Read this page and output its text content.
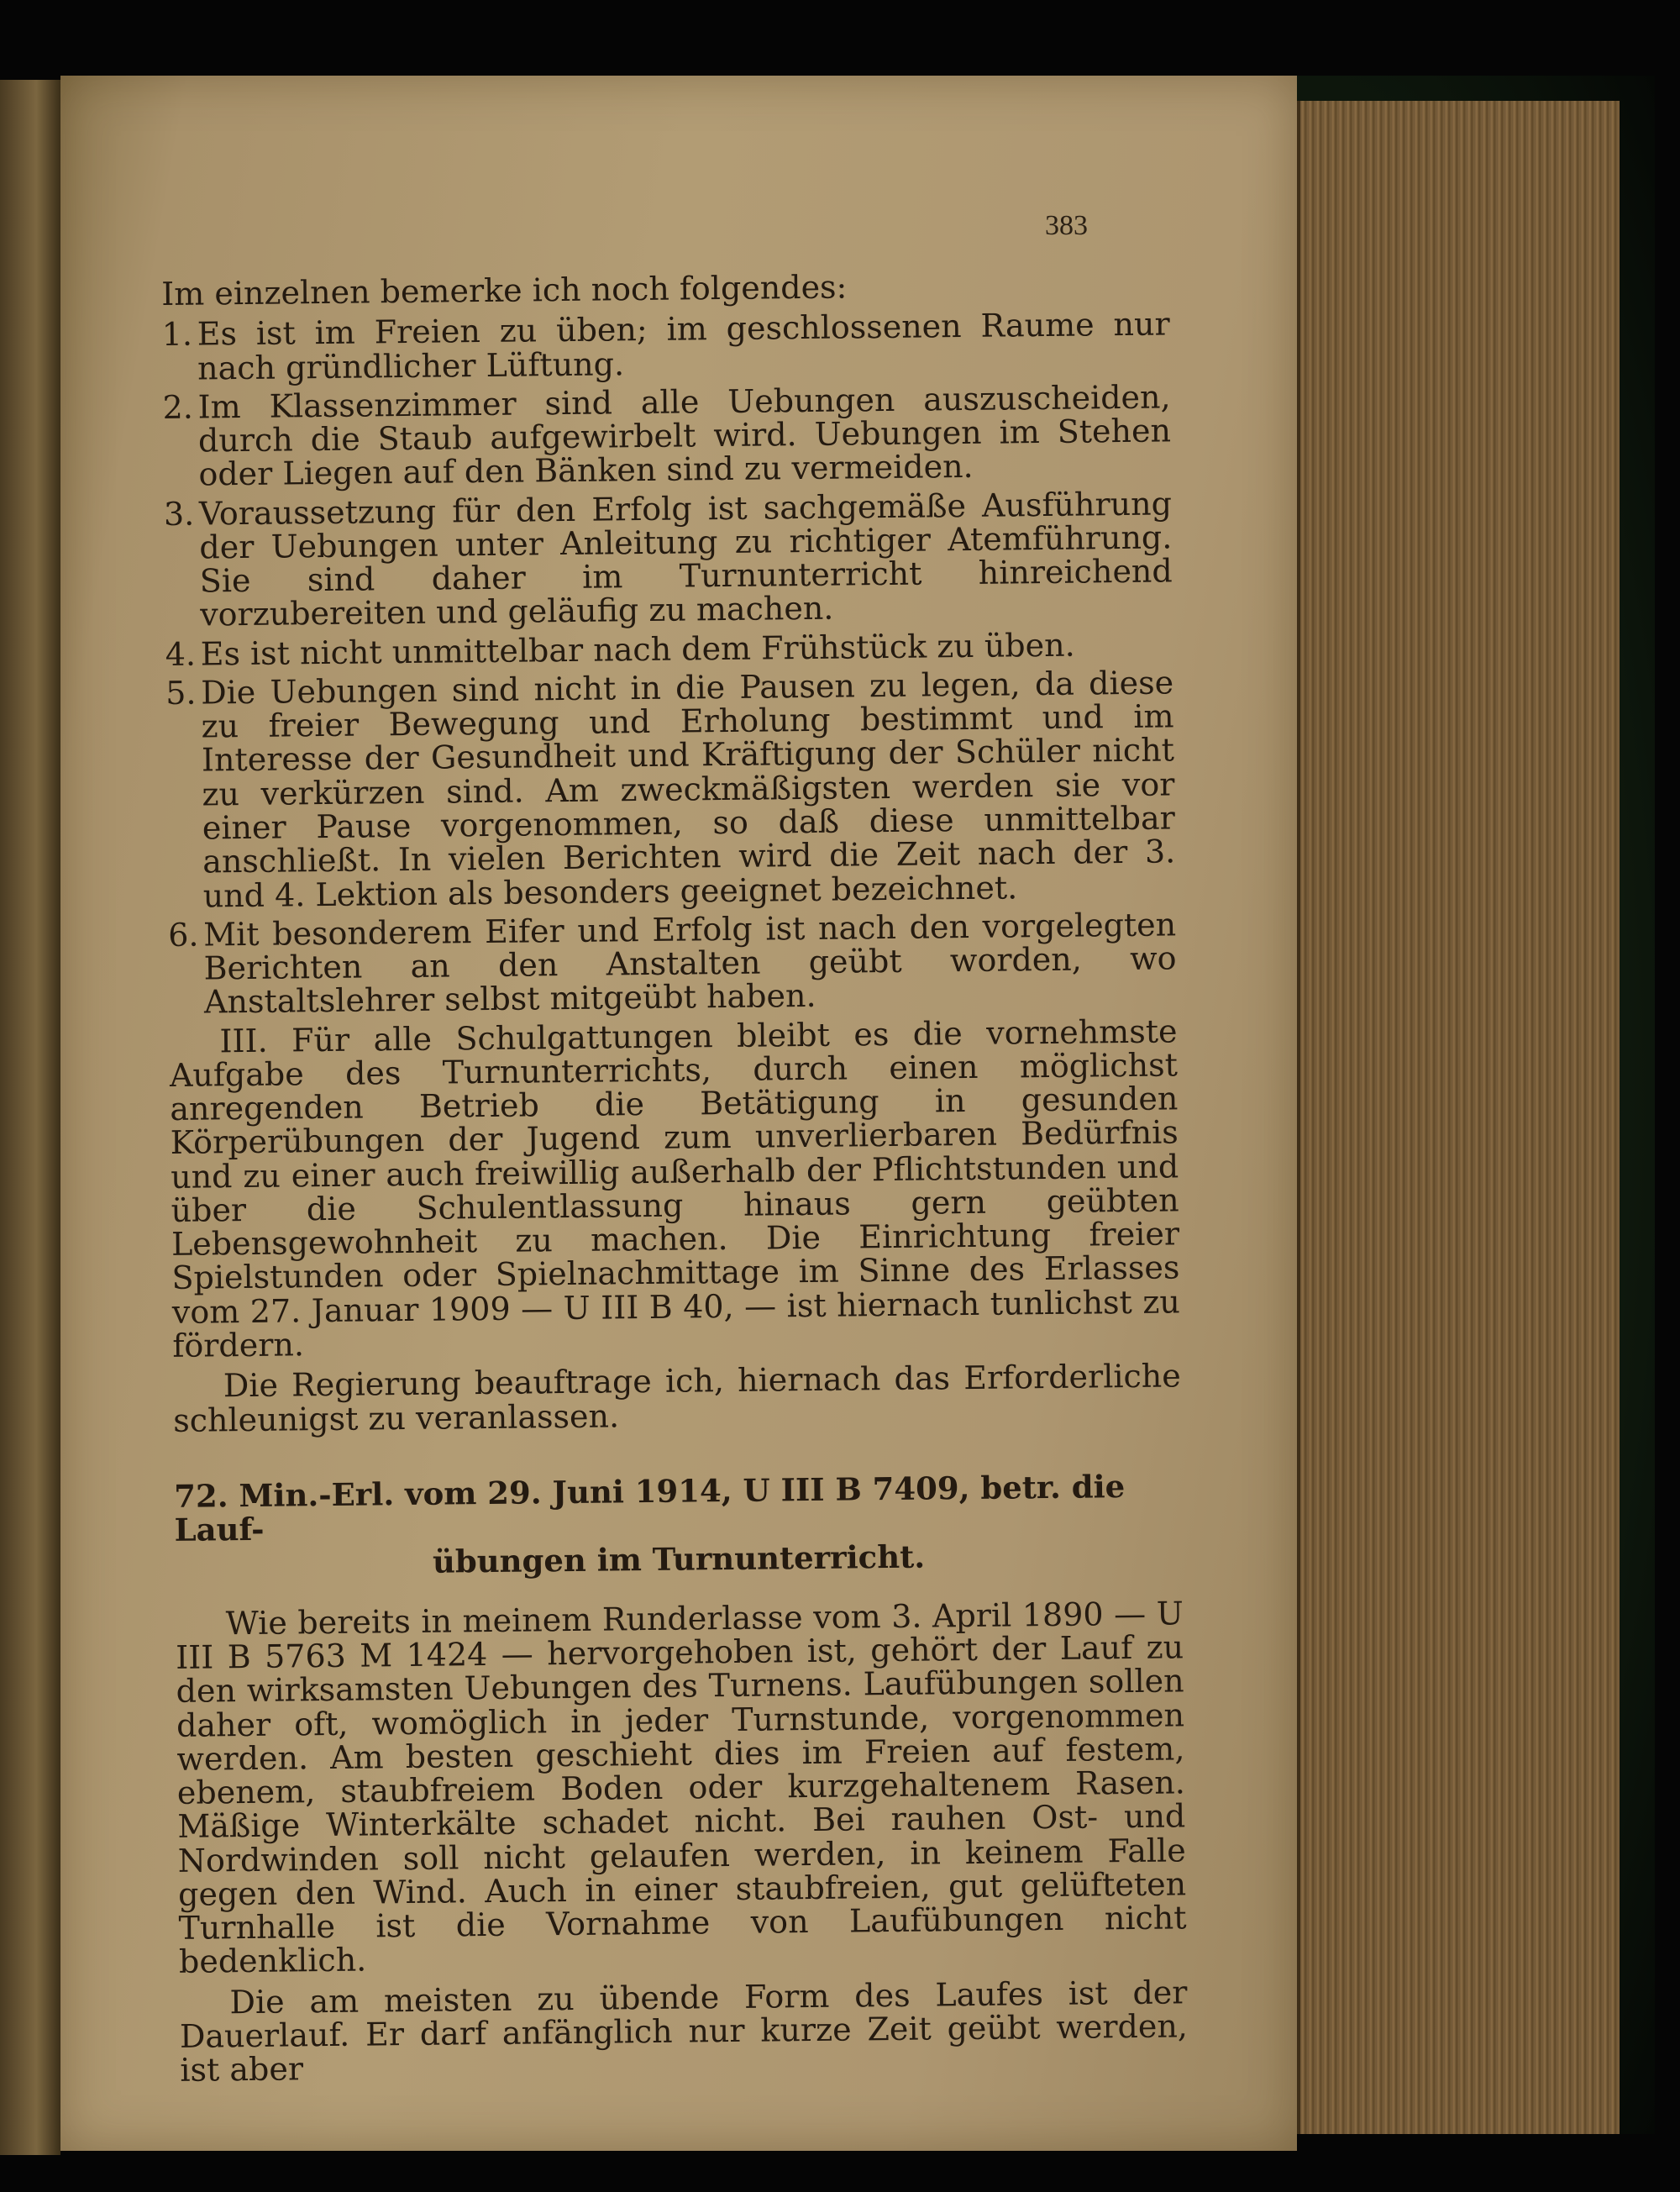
383

Im einzelnen bemerke ich noch folgendes:

1. Es ist im Freien zu üben; im geschlossenen Raume nur nach gründlicher Lüftung.
2. Im Klassenzimmer sind alle Uebungen auszuscheiden, durch die Staub aufgewirbelt wird. Uebungen im Stehen oder Liegen auf den Bänken sind zu vermeiden.
3. Voraussetzung für den Erfolg ist sachgemäße Ausführung der Uebungen unter Anleitung zu richtiger Atemführung. Sie sind daher im Turnunterricht hinreichend vorzubereiten und geläufig zu machen.
4. Es ist nicht unmittelbar nach dem Frühstück zu üben.
5. Die Uebungen sind nicht in die Pausen zu legen, da diese zu freier Bewegung und Erholung bestimmt und im Interesse der Gesundheit und Kräftigung der Schüler nicht zu verkürzen sind. Am zweckmäßigsten werden sie vor einer Pause vorgenommen, so daß diese unmittelbar anschließt. In vielen Berichten wird die Zeit nach der 3. und 4. Lektion als besonders geeignet bezeichnet.
6. Mit besonderem Eifer und Erfolg ist nach den vorgelegten Berichten an den Anstalten geübt worden, wo Anstaltslehrer selbst mitgeübt haben.

III. Für alle Schulgattungen bleibt es die vornehmste Aufgabe des Turnunterrichts, durch einen möglichst anregenden Betrieb die Betätigung in gesunden Körperübungen der Jugend zum unverlierbaren Bedürfnis und zu einer auch freiwillig außerhalb der Pflichtstunden und über die Schulentlassung hinaus gern geübten Lebensgewohnheit zu machen. Die Einrichtung freier Spielstunden oder Spielnachmittage im Sinne des Erlasses vom 27. Januar 1909 — U III B 40, — ist hiernach tunlichst zu fördern.

Die Regierung beauftrage ich, hiernach das Erforderliche schleunigst zu veranlassen.

72. Min.-Erl. vom 29. Juni 1914, U III B 7409, betr. die Lauf-
übungen im Turnunterricht.

Wie bereits in meinem Runderlasse vom 3. April 1890 — U III B 5763 M 1424 — hervorgehoben ist, gehört der Lauf zu den wirksamsten Uebungen des Turnens. Laufübungen sollen daher oft, womöglich in jeder Turnstunde, vorgenommen werden. Am besten geschieht dies im Freien auf festem, ebenem, staubfreiem Boden oder kurzgehaltenem Rasen. Mäßige Winterkälte schadet nicht. Bei rauhen Ost- und Nordwinden soll nicht gelaufen werden, in keinem Falle gegen den Wind. Auch in einer staubfreien, gut gelüfteten Turnhalle ist die Vornahme von Laufübungen nicht bedenklich.

Die am meisten zu übende Form des Laufes ist der Dauerlauf. Er darf anfänglich nur kurze Zeit geübt werden, ist aber
